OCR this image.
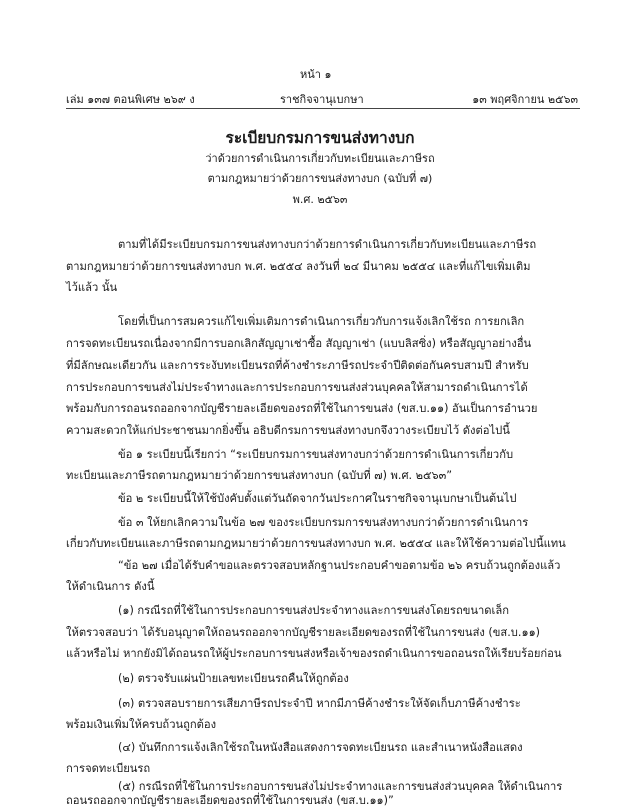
หน้า ๑
เล่ม ๑๓๗ ตอนพิเศษ ๒๖๙ ง	ราชกิจจานุเบกษา	๑๓ พฤศจิกายน ๒๕๖๓
ระเบียบกรมการขนส่งทางบก
ว่าด้วยการดำเนินการเกี่ยวกับทะเบียนและภาษีรถ
ตามกฎหมายว่าด้วยการขนส่งทางบก (ฉบับที่ ๗)
พ.ศ. ๒๕๖๓
ตามที่ได้มีระเบียบกรมการขนส่งทางบกว่าด้วยการดำเนินการเกี่ยวกับทะเบียนและภาษีรถ
ตามกฎหมายว่าด้วยการขนส่งทางบก พ.ศ. ๒๕๕๔ ลงวันที่ ๒๔ มีนาคม ๒๕๕๔ และที่แก้ไขเพิ่มเติม
ไว้แล้ว นั้น
โดยที่เป็นการสมควรแก้ไขเพิ่มเติมการดำเนินการเกี่ยวกับการแจ้งเลิกใช้รถ การยกเลิก
การจดทะเบียนรถเนื่องจากมีการบอกเลิกสัญญาเช่าซื้อ สัญญาเช่า (แบบลิสซิ่ง) หรือสัญญาอย่างอื่น
ที่มีลักษณะเดียวกัน และการระงับทะเบียนรถที่ค้างชำระภาษีรถประจำปีติดต่อกันครบสามปี สำหรับ
การประกอบการขนส่งไม่ประจำทางและการประกอบการขนส่งส่วนบุคคลให้สามารถดำเนินการได้
พร้อมกับการถอนรถออกจากบัญชีรายละเอียดของรถที่ใช้ในการขนส่ง (ขส.บ.๑๑) อันเป็นการอำนวย
ความสะดวกให้แก่ประชาชนมากยิ่งขึ้น อธิบดีกรมการขนส่งทางบกจึงวางระเบียบไว้ ดังต่อไปนี้
ข้อ ๑ ระเบียบนี้เรียกว่า “ระเบียบกรมการขนส่งทางบกว่าด้วยการดำเนินการเกี่ยวกับ
ทะเบียนและภาษีรถตามกฎหมายว่าด้วยการขนส่งทางบก (ฉบับที่ ๗) พ.ศ. ๒๕๖๓”
ข้อ ๒ ระเบียบนี้ให้ใช้บังคับตั้งแต่วันถัดจากวันประกาศในราชกิจจานุเบกษาเป็นต้นไป
ข้อ ๓ ให้ยกเลิกความในข้อ ๒๗ ของระเบียบกรมการขนส่งทางบกว่าด้วยการดำเนินการ
เกี่ยวกับทะเบียนและภาษีรถตามกฎหมายว่าด้วยการขนส่งทางบก พ.ศ. ๒๕๕๔ และให้ใช้ความต่อไปนี้แทน
“ข้อ ๒๗ เมื่อได้รับคำขอและตรวจสอบหลักฐานประกอบคำขอตามข้อ ๒๖ ครบถ้วนถูกต้องแล้ว
ให้ดำเนินการ ดังนี้
(๑) กรณีรถที่ใช้ในการประกอบการขนส่งประจำทางและการขนส่งโดยรถขนาดเล็ก
ให้ตรวจสอบว่า ได้รับอนุญาตให้ถอนรถออกจากบัญชีรายละเอียดของรถที่ใช้ในการขนส่ง (ขส.บ.๑๑)
แล้วหรือไม่ หากยังมิได้ถอนรถให้ผู้ประกอบการขนส่งหรือเจ้าของรถดำเนินการขอถอนรถให้เรียบร้อยก่อน
(๒) ตรวจรับแผ่นป้ายเลขทะเบียนรถคืนให้ถูกต้อง
(๓) ตรวจสอบรายการเสียภาษีรถประจำปี หากมีภาษีค้างชำระให้จัดเก็บภาษีค้างชำระ
พร้อมเงินเพิ่มให้ครบถ้วนถูกต้อง
(๔) บันทึกการแจ้งเลิกใช้รถในหนังสือแสดงการจดทะเบียนรถ และสำเนาหนังสือแสดง
การจดทะเบียนรถ
(๕) กรณีรถที่ใช้ในการประกอบการขนส่งไม่ประจำทางและการขนส่งส่วนบุคคล ให้ดำเนินการ
ถอนรถออกจากบัญชีรายละเอียดของรถที่ใช้ในการขนส่ง (ขส.บ.๑๑)”
